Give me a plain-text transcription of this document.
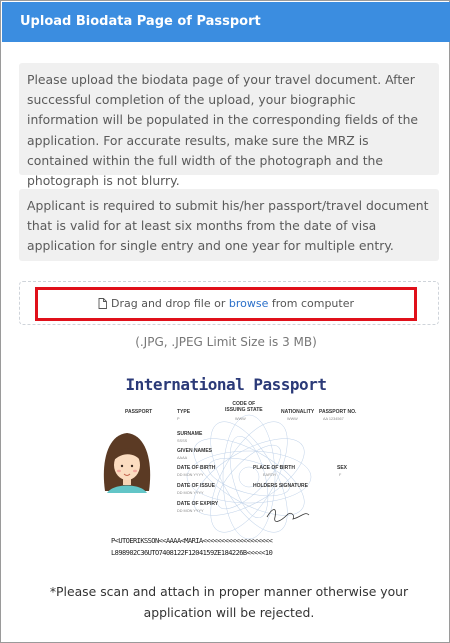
Upload Biodata Page of Passport

Please upload the biodata page of your travel document. After successful completion of the upload, your biographic information will be populated in the corresponding fields of the application. For accurate results, make sure the MRZ is contained within the full width of the photograph and the photograph is not blurry.

Applicant is required to submit his/her passport/travel document that is valid for at least six months from the date of visa application for single entry and one year for multiple entry.

Drag and drop file or browse from computer
(.JPG, .JPEG Limit Size is 3 MB)
International Passport
PASSPORT	TYPE
P
CODE OF
ISSUING STATE
WWW
NATIONALITY
WWW
PASSPORT NO.
AA 1234567
SURNAME
SSSS
GIVEN NAMES
AAAA
DATE OF BIRTH
DD MON YYYY
PLACE OF BIRTH
EARTH
SEX
F
DATE OF ISSUE
DD MON YYYY
HOLDERS SIGNATURE
DATE OF EXPIRY
DD MON YYYY
P<UTOERIKSSON<<AAAA<MARIA<<<<<<<<<<<<<<<<<<<
L898902C36UTO7408122F1204159ZE184226B<<<<<10
*Please scan and attach in proper manner otherwise your application will be rejected.
